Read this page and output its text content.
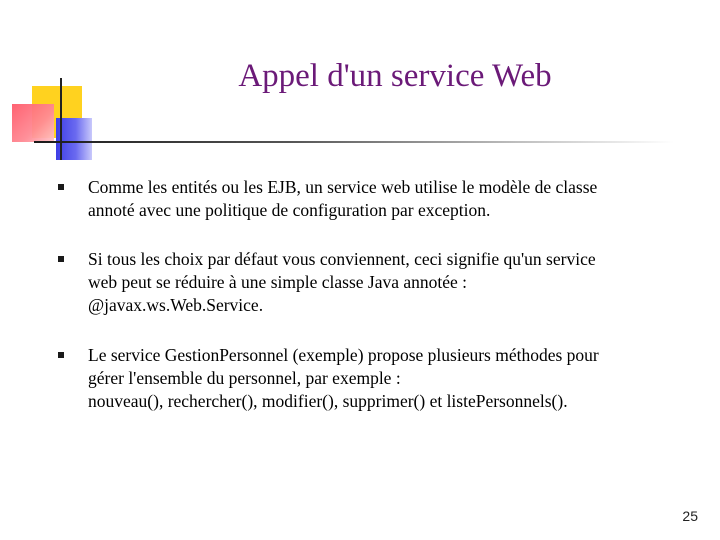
Appel d'un service Web

Comme les entités ou les EJB, un service web utilise le modèle de classe
annoté avec une politique de configuration par exception.

Si tous les choix par défaut vous conviennent, ceci signifie qu'un service
web peut se réduire à une simple classe Java annotée :
@javax.ws.Web.Service.

Le service GestionPersonnel (exemple) propose plusieurs méthodes pour
gérer l'ensemble du personnel, par exemple :
nouveau(), rechercher(), modifier(), supprimer() et listePersonnels().

25
